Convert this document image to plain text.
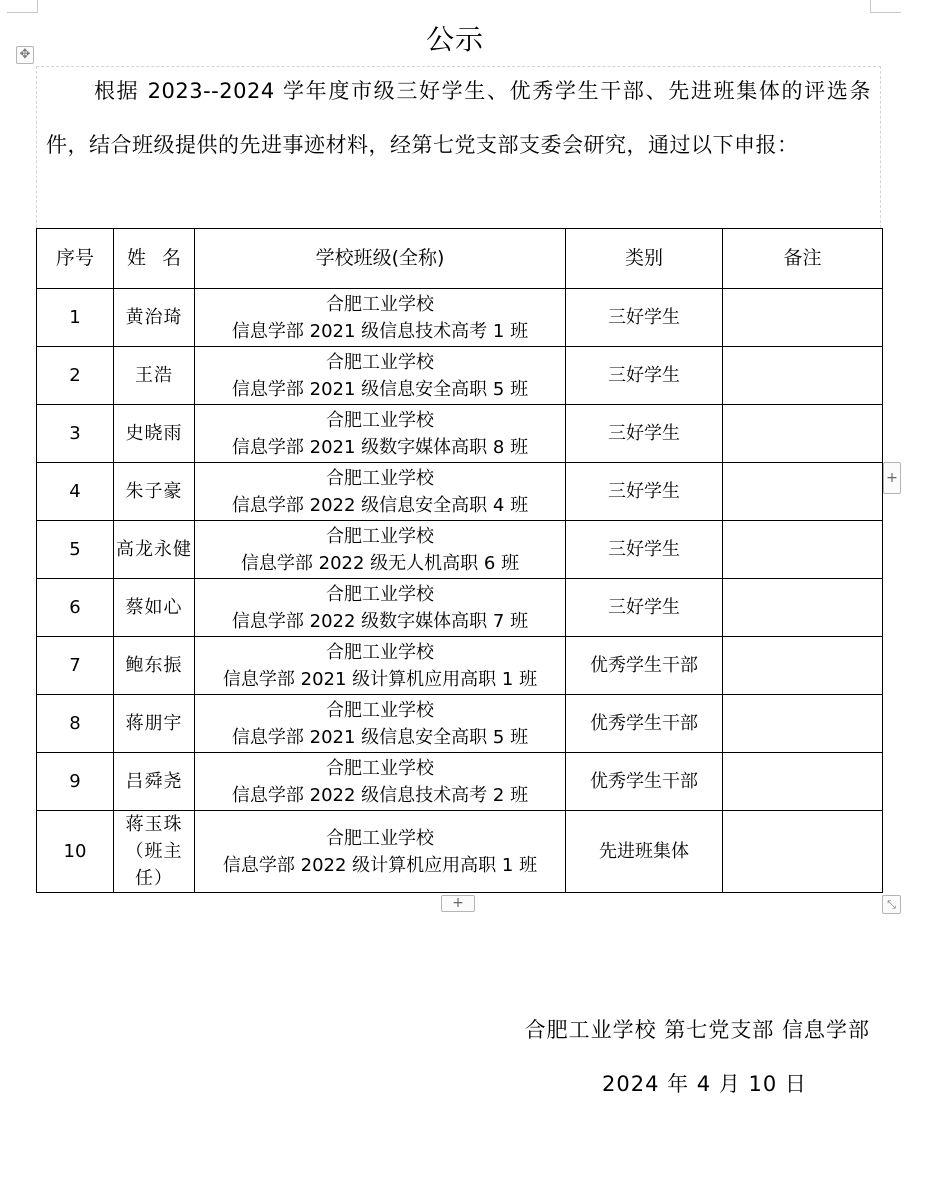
公示
✥

根据 2023--2024 学年度市级三好学生、优秀学生干部、先进班集体的评选条件，结合班级提供的先进事迹材料，经第七党支部支委会研究，通过以下申报：

序号	姓 名	学校班级(全称)	类别	备注
1	黄治琦	合肥工业学校
信息学部 2021 级信息技术高考 1 班	三好学生	
2	王浩	合肥工业学校
信息学部 2021 级信息安全高职 5 班	三好学生	
3	史晓雨	合肥工业学校
信息学部 2021 级数字媒体高职 8 班	三好学生	
4	朱子豪	合肥工业学校
信息学部 2022 级信息安全高职 4 班	三好学生	
5	高龙永健	合肥工业学校
信息学部 2022 级无人机高职 6 班	三好学生	
6	蔡如心	合肥工业学校
信息学部 2022 级数字媒体高职 7 班	三好学生	
7	鲍东振	合肥工业学校
信息学部 2021 级计算机应用高职 1 班	优秀学生干部	
8	蒋朋宇	合肥工业学校
信息学部 2021 级信息安全高职 5 班	优秀学生干部	
9	吕舜尧	合肥工业学校
信息学部 2022 级信息技术高考 2 班	优秀学生干部	
10	蒋玉珠（班主任）	合肥工业学校
信息学部 2022 级计算机应用高职 1 班	先进班集体	
+
+	⤡
合肥工业学校 第七党支部 信息学部
2024 年 4 月 10 日
